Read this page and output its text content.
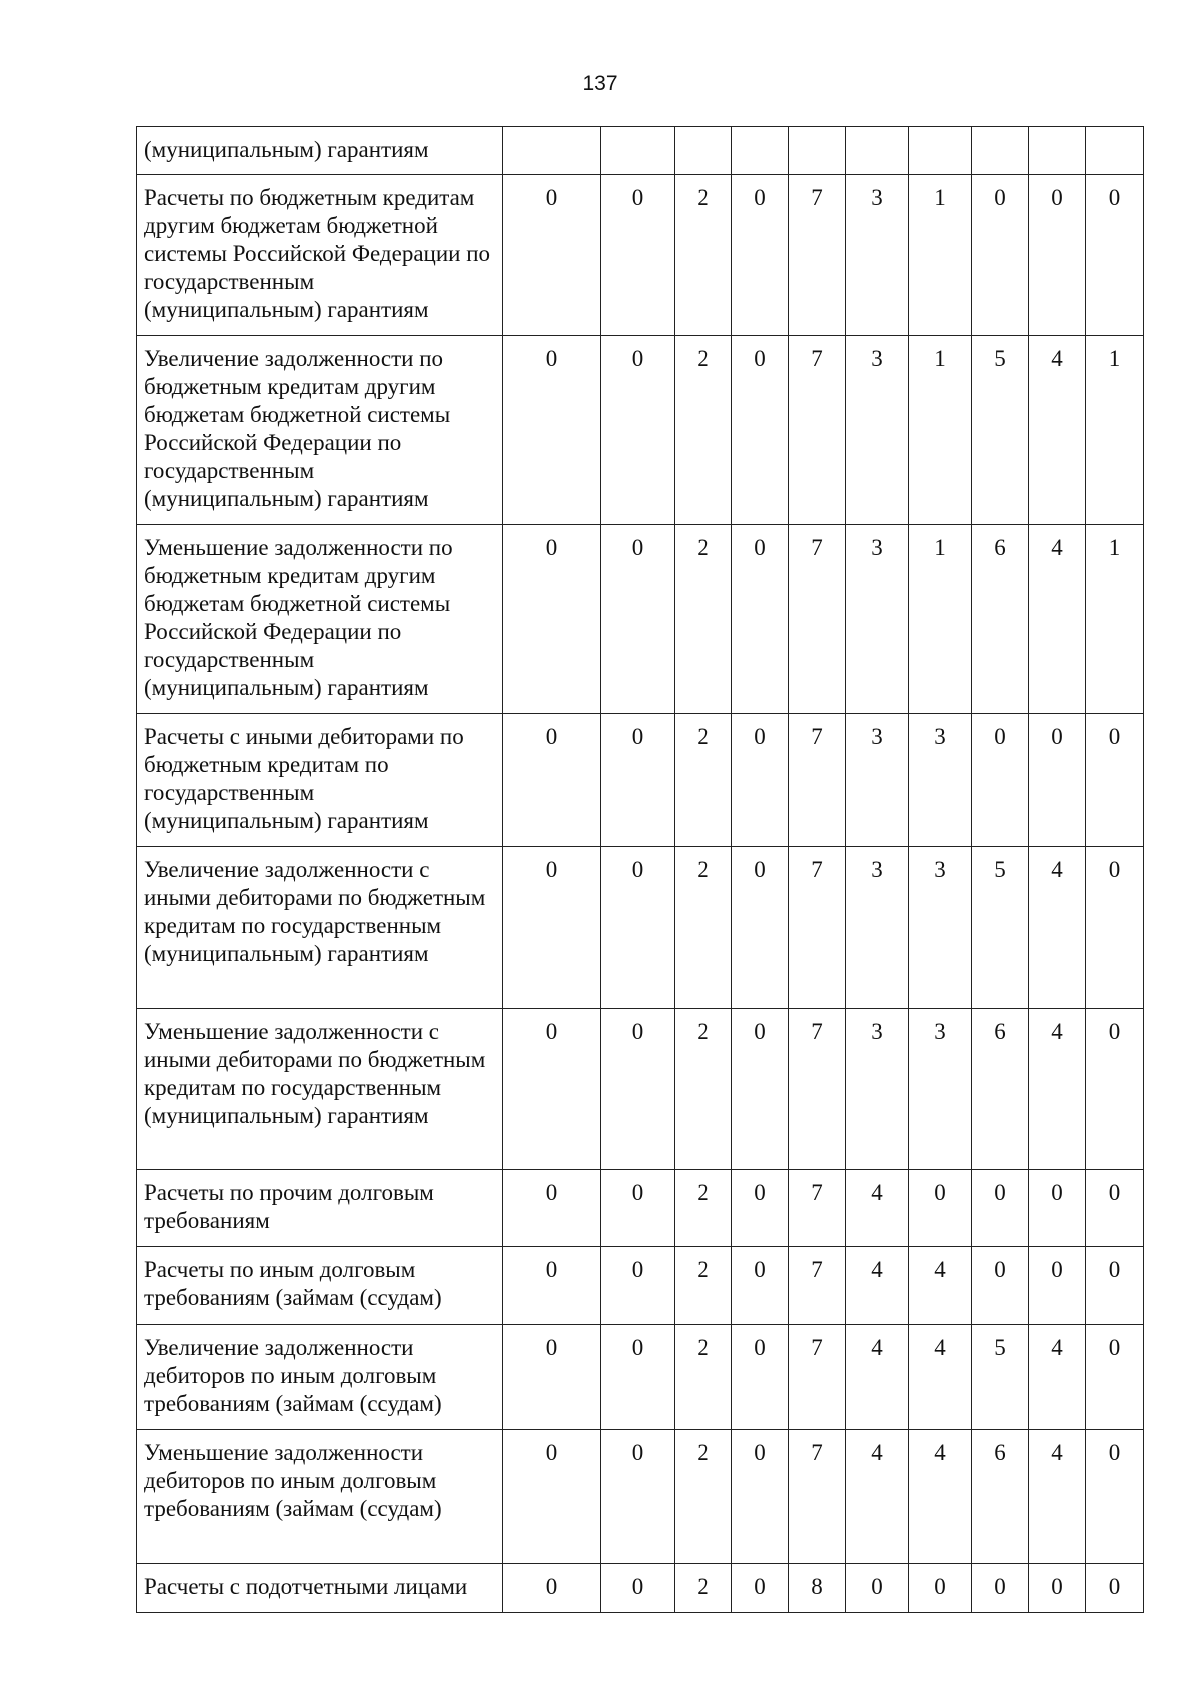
137
(муниципальным) гарантиям										
Расчеты по бюджетным кредитам другим бюджетам бюджетной системы Российской Федерации по государственным (муниципальным) гарантиям	0	0	2	0	7	3	1	0	0	0
Увеличение задолженности по бюджетным кредитам другим бюджетам бюджетной системы Российской Федерации по государственным (муниципальным) гарантиям	0	0	2	0	7	3	1	5	4	1
Уменьшение задолженности по бюджетным кредитам другим бюджетам бюджетной системы Российской Федерации по государственным (муниципальным) гарантиям	0	0	2	0	7	3	1	6	4	1
Расчеты с иными дебиторами по бюджетным кредитам по государственным (муниципальным) гарантиям	0	0	2	0	7	3	3	0	0	0
Увеличение задолженности с иными дебиторами по бюджетным кредитам по государственным (муниципальным) гарантиям	0	0	2	0	7	3	3	5	4	0
Уменьшение задолженности с иными дебиторами по бюджетным кредитам по государственным (муниципальным) гарантиям	0	0	2	0	7	3	3	6	4	0
Расчеты по прочим долговым требованиям	0	0	2	0	7	4	0	0	0	0
Расчеты по иным долговым требованиям (займам (ссудам)	0	0	2	0	7	4	4	0	0	0
Увеличение задолженности дебиторов по иным долговым требованиям (займам (ссудам)	0	0	2	0	7	4	4	5	4	0
Уменьшение задолженности дебиторов по иным долговым требованиям (займам (ссудам)	0	0	2	0	7	4	4	6	4	0
Расчеты с подотчетными лицами	0	0	2	0	8	0	0	0	0	0
